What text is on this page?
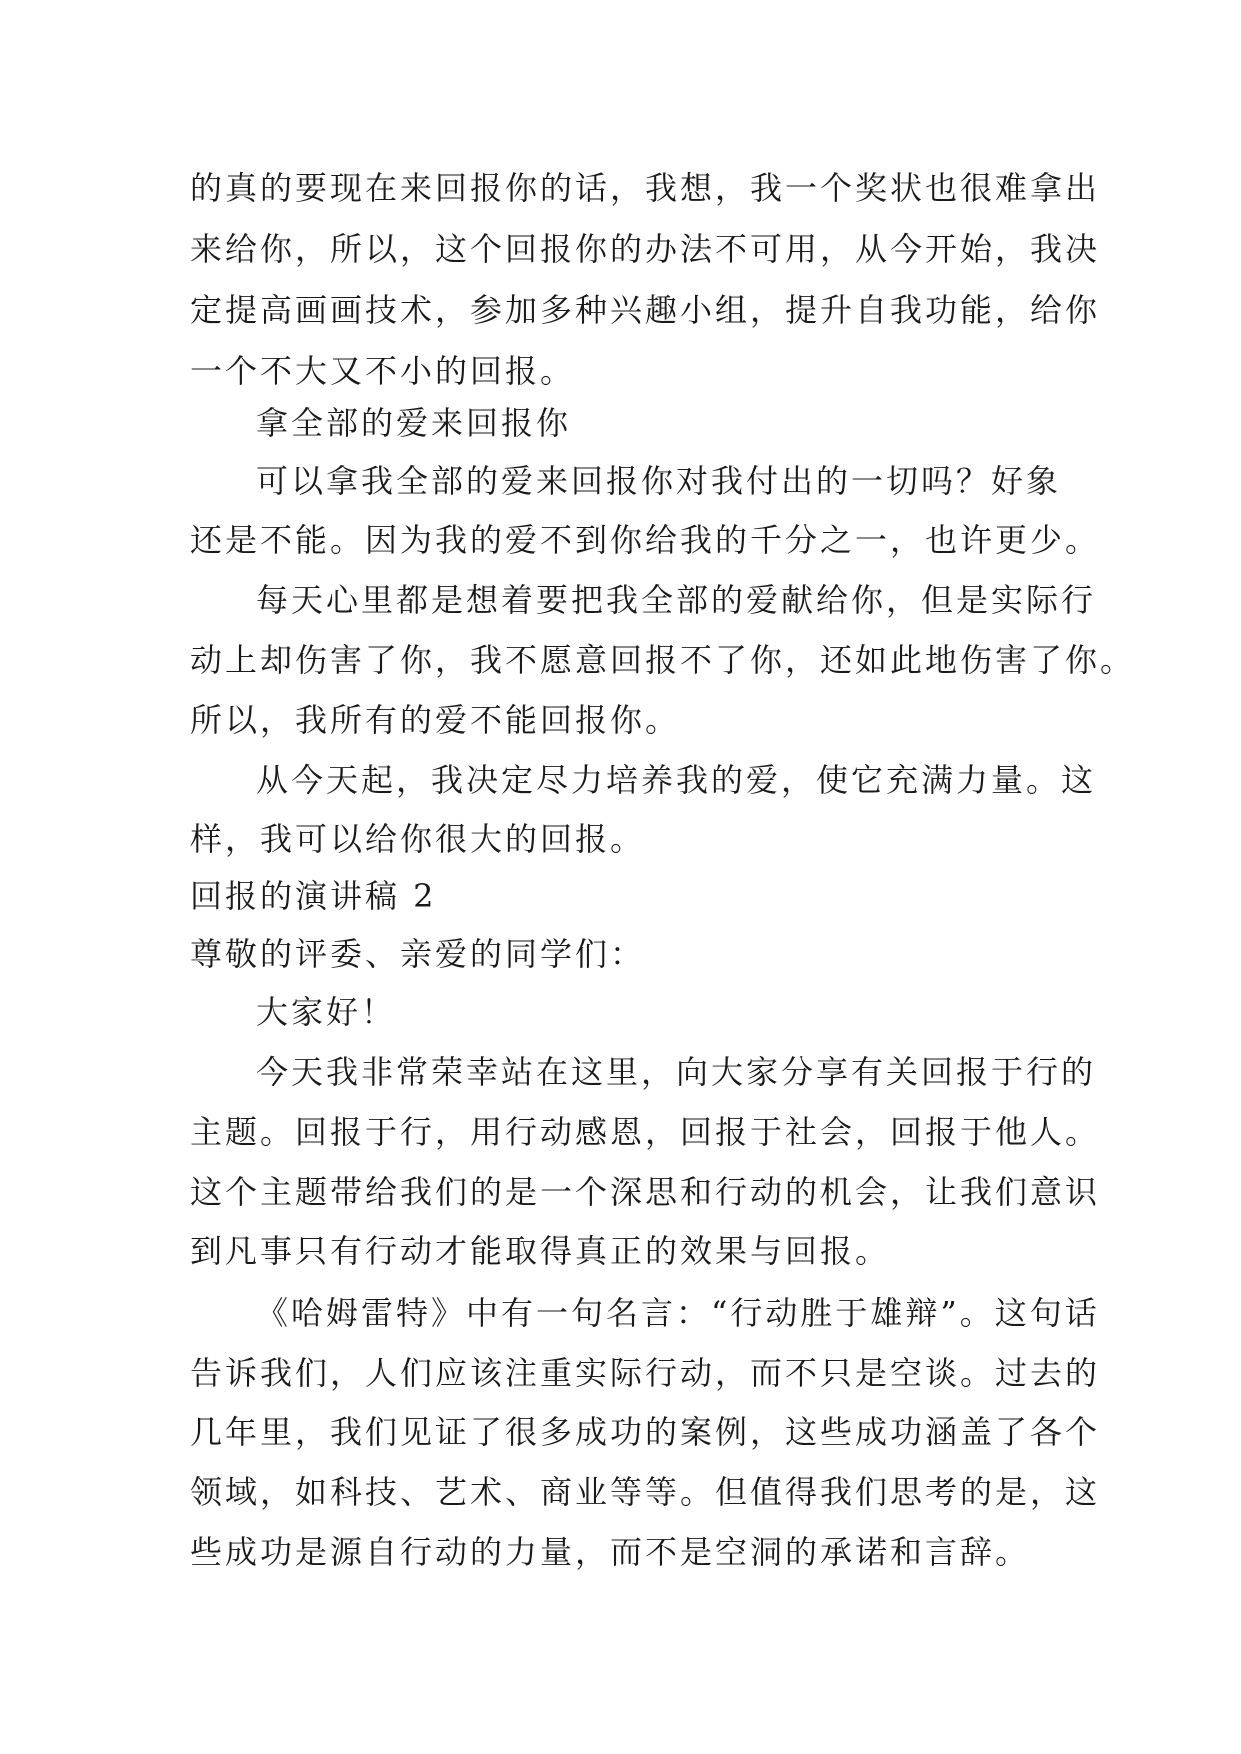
的真的要现在来回报你的话，我想，我一个奖状也很难拿出
来给你，所以，这个回报你的办法不可用，从今开始，我决
定提高画画技术，参加多种兴趣小组，提升自我功能，给你
一个不大又不小的回报。
拿全部的爱来回报你
可以拿我全部的爱来回报你对我付出的一切吗？好象
还是不能。因为我的爱不到你给我的千分之一，也许更少。
每天心里都是想着要把我全部的爱献给你，但是实际行
动上却伤害了你，我不愿意回报不了你，还如此地伤害了你。
所以，我所有的爱不能回报你。
从今天起，我决定尽力培养我的爱，使它充满力量。这
样，我可以给你很大的回报。
回报的演讲稿 2
尊敬的评委、亲爱的同学们：
大家好！
今天我非常荣幸站在这里，向大家分享有关回报于行的
主题。回报于行，用行动感恩，回报于社会，回报于他人。
这个主题带给我们的是一个深思和行动的机会，让我们意识
到凡事只有行动才能取得真正的效果与回报。
《哈姆雷特》中有一句名言：“行动胜于雄辩”。这句话
告诉我们，人们应该注重实际行动，而不只是空谈。过去的
几年里，我们见证了很多成功的案例，这些成功涵盖了各个
领域，如科技、艺术、商业等等。但值得我们思考的是，这
些成功是源自行动的力量，而不是空洞的承诺和言辞。
